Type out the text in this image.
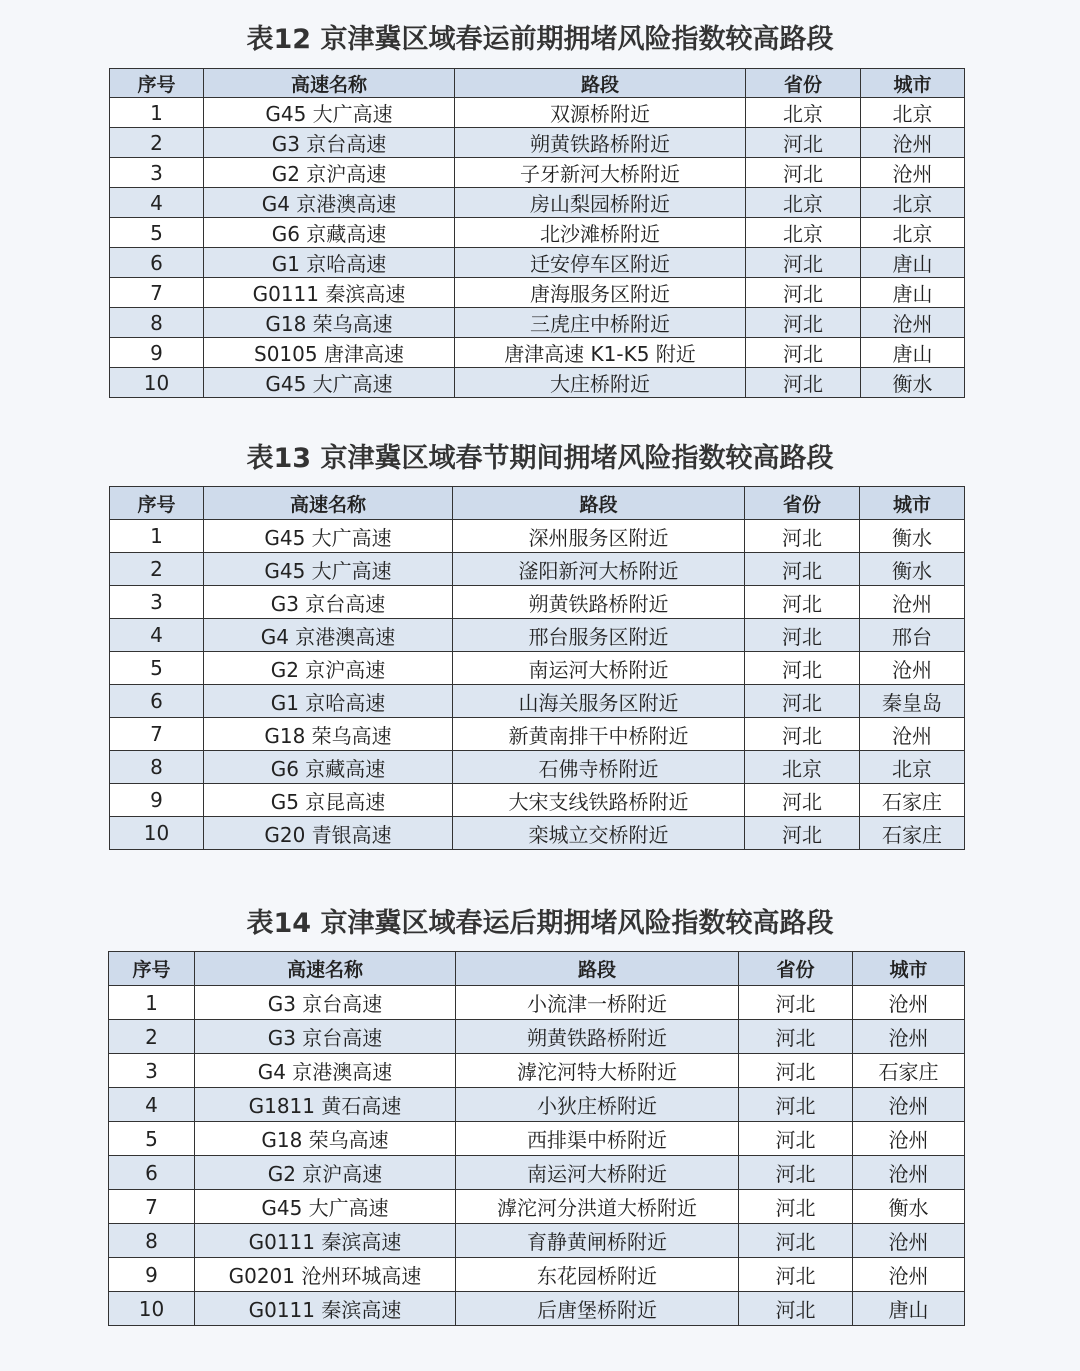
表12 京津冀区域春运前期拥堵风险指数较高路段
序号	高速名称	路段	省份	城市
1	G45 大广高速	双源桥附近	北京	北京
2	G3 京台高速	朔黄铁路桥附近	河北	沧州
3	G2 京沪高速	子牙新河大桥附近	河北	沧州
4	G4 京港澳高速	房山梨园桥附近	北京	北京
5	G6 京藏高速	北沙滩桥附近	北京	北京
6	G1 京哈高速	迁安停车区附近	河北	唐山
7	G0111 秦滨高速	唐海服务区附近	河北	唐山
8	G18 荣乌高速	三虎庄中桥附近	河北	沧州
9	S0105 唐津高速	唐津高速 K1-K5 附近	河北	唐山
10	G45 大广高速	大庄桥附近	河北	衡水
表13 京津冀区域春节期间拥堵风险指数较高路段
序号	高速名称	路段	省份	城市
1	G45 大广高速	深州服务区附近	河北	衡水
2	G45 大广高速	滏阳新河大桥附近	河北	衡水
3	G3 京台高速	朔黄铁路桥附近	河北	沧州
4	G4 京港澳高速	邢台服务区附近	河北	邢台
5	G2 京沪高速	南运河大桥附近	河北	沧州
6	G1 京哈高速	山海关服务区附近	河北	秦皇岛
7	G18 荣乌高速	新黄南排干中桥附近	河北	沧州
8	G6 京藏高速	石佛寺桥附近	北京	北京
9	G5 京昆高速	大宋支线铁路桥附近	河北	石家庄
10	G20 青银高速	栾城立交桥附近	河北	石家庄
表14 京津冀区域春运后期拥堵风险指数较高路段
序号	高速名称	路段	省份	城市
1	G3 京台高速	小流津一桥附近	河北	沧州
2	G3 京台高速	朔黄铁路桥附近	河北	沧州
3	G4 京港澳高速	滹沱河特大桥附近	河北	石家庄
4	G1811 黄石高速	小狄庄桥附近	河北	沧州
5	G18 荣乌高速	西排渠中桥附近	河北	沧州
6	G2 京沪高速	南运河大桥附近	河北	沧州
7	G45 大广高速	滹沱河分洪道大桥附近	河北	衡水
8	G0111 秦滨高速	育静黄闸桥附近	河北	沧州
9	G0201 沧州环城高速	东花园桥附近	河北	沧州
10	G0111 秦滨高速	后唐堡桥附近	河北	唐山
